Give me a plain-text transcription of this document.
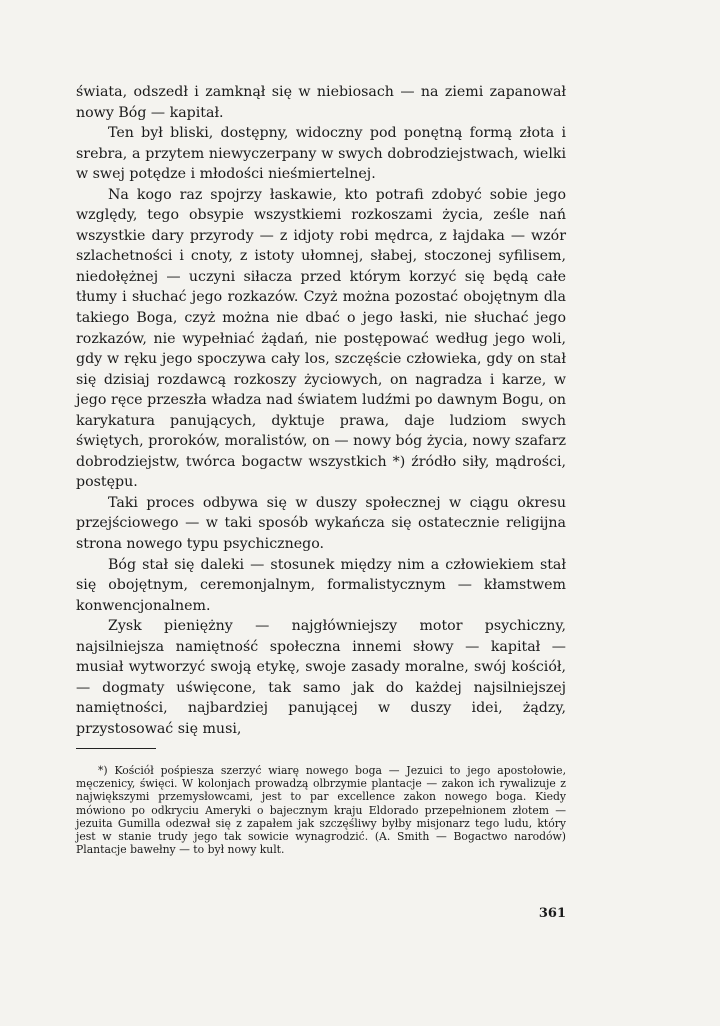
świata, odszedł i zamknął się w niebiosach — na ziemi zapanował nowy Bóg — kapitał.

Ten był bliski, dostępny, widoczny pod ponętną formą złota i srebra, a przytem niewyczerpany w swych dobrodziejstwach, wielki w swej potędze i młodości nieśmiertelnej.

Na kogo raz spojrzy łaskawie, kto potrafi zdobyć sobie jego względy, tego obsypie wszystkiemi rozkoszami życia, ześle nań wszystkie dary przyrody — z idjoty robi mędrca, z łajdaka — wzór szlachetności i cnoty, z istoty ułomnej, słabej, stoczonej syfilisem, niedołężnej — uczyni siłacza przed którym korzyć się będą całe tłumy i słuchać jego rozkazów. Czyż można pozostać obojętnym dla takiego Boga, czyż można nie dbać o jego łaski, nie słuchać jego rozkazów, nie wypełniać żądań, nie postępować według jego woli, gdy w ręku jego spoczywa cały los, szczęście człowieka, gdy on stał się dzisiaj rozdawcą rozkoszy życiowych, on nagradza i karze, w jego ręce przeszła władza nad światem ludźmi po dawnym Bogu, on karykatura panujących, dyktuje prawa, daje ludziom swych świętych, proroków, moralistów, on — nowy bóg życia, nowy szafarz dobrodziejstw, twórca bogactw wszystkich *) źródło siły, mądrości, postępu.

Taki proces odbywa się w duszy społecznej w ciągu okresu przejściowego — w taki sposób wykańcza się ostatecznie religijna strona nowego typu psychicznego.

Bóg stał się daleki — stosunek między nim a człowiekiem stał się obojętnym, ceremonjalnym, formalistycznym — kłamstwem konwencjonalnem.

Zysk pieniężny — najgłówniejszy motor psychiczny, najsilniejsza namiętność społeczna innemi słowy — kapitał — musiał wytworzyć swoją etykę, swoje zasady moralne, swój kościół, — dogmaty uświęcone, tak samo jak do każdej najsilniejszej namiętności, najbardziej panującej w duszy idei, żądzy, przystosować się musi,

*) Kościół pośpiesza szerzyć wiarę nowego boga — Jezuici to jego apostołowie, męczenicy, święci. W kolonjach prowadzą olbrzymie plantacje — zakon ich rywalizuje z największymi przemysłowcami, jest to par excellence zakon nowego boga. Kiedy mówiono po odkryciu Ameryki o bajecznym kraju Eldorado przepełnionem złotem — jezuita Gumilla odezwał się z zapałem jak szczęśliwy byłby misjonarz tego ludu, który jest w stanie trudy jego tak sowicie wynagrodzić. (A. Smith — Bogactwo narodów) Plantacje bawełny — to był nowy kult.

361
